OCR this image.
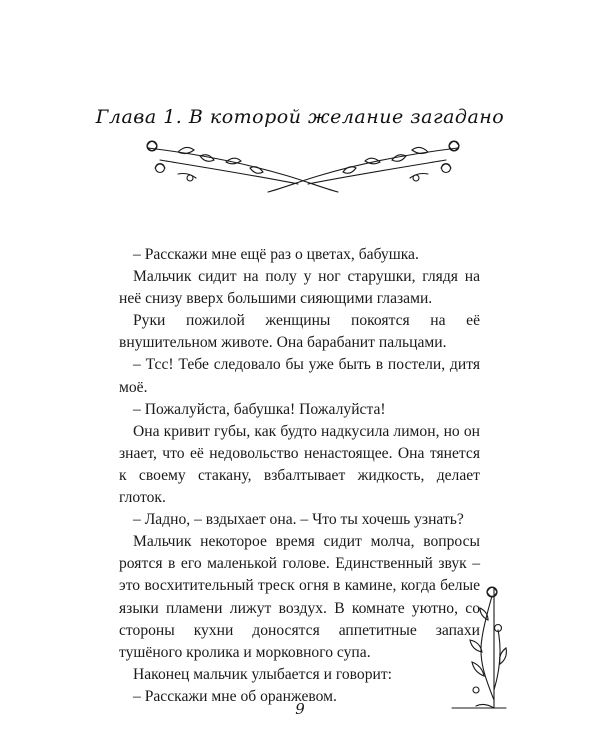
Глава 1. В которой желание загадано

– Расскажи мне ещё раз о цветах, бабушка.

Мальчик сидит на полу у ног старушки, глядя на неё снизу вверх большими сияющими глазами.

Руки пожилой женщины покоятся на её внушительном животе. Она барабанит пальцами.

– Тсс! Тебе следовало бы уже быть в постели, дитя моё.

– Пожалуйста, бабушка! Пожалуйста!

Она кривит губы, как будто надкусила лимон, но он знает, что её недовольство ненастоящее. Она тянется к своему стакану, взбалтывает жидкость, делает глоток.

– Ладно, – вздыхает она. – Что ты хочешь узнать?

Мальчик некоторое время сидит молча, вопросы роятся в его маленькой голове. Единственный звук – это восхитительный треск огня в камине, когда белые языки пламени лижут воздух. В комнате уютно, со стороны кухни доносятся аппетитные запахи тушёного кролика и морковного супа.

Наконец мальчик улыбается и говорит:

– Расскажи мне об оранжевом.

9
